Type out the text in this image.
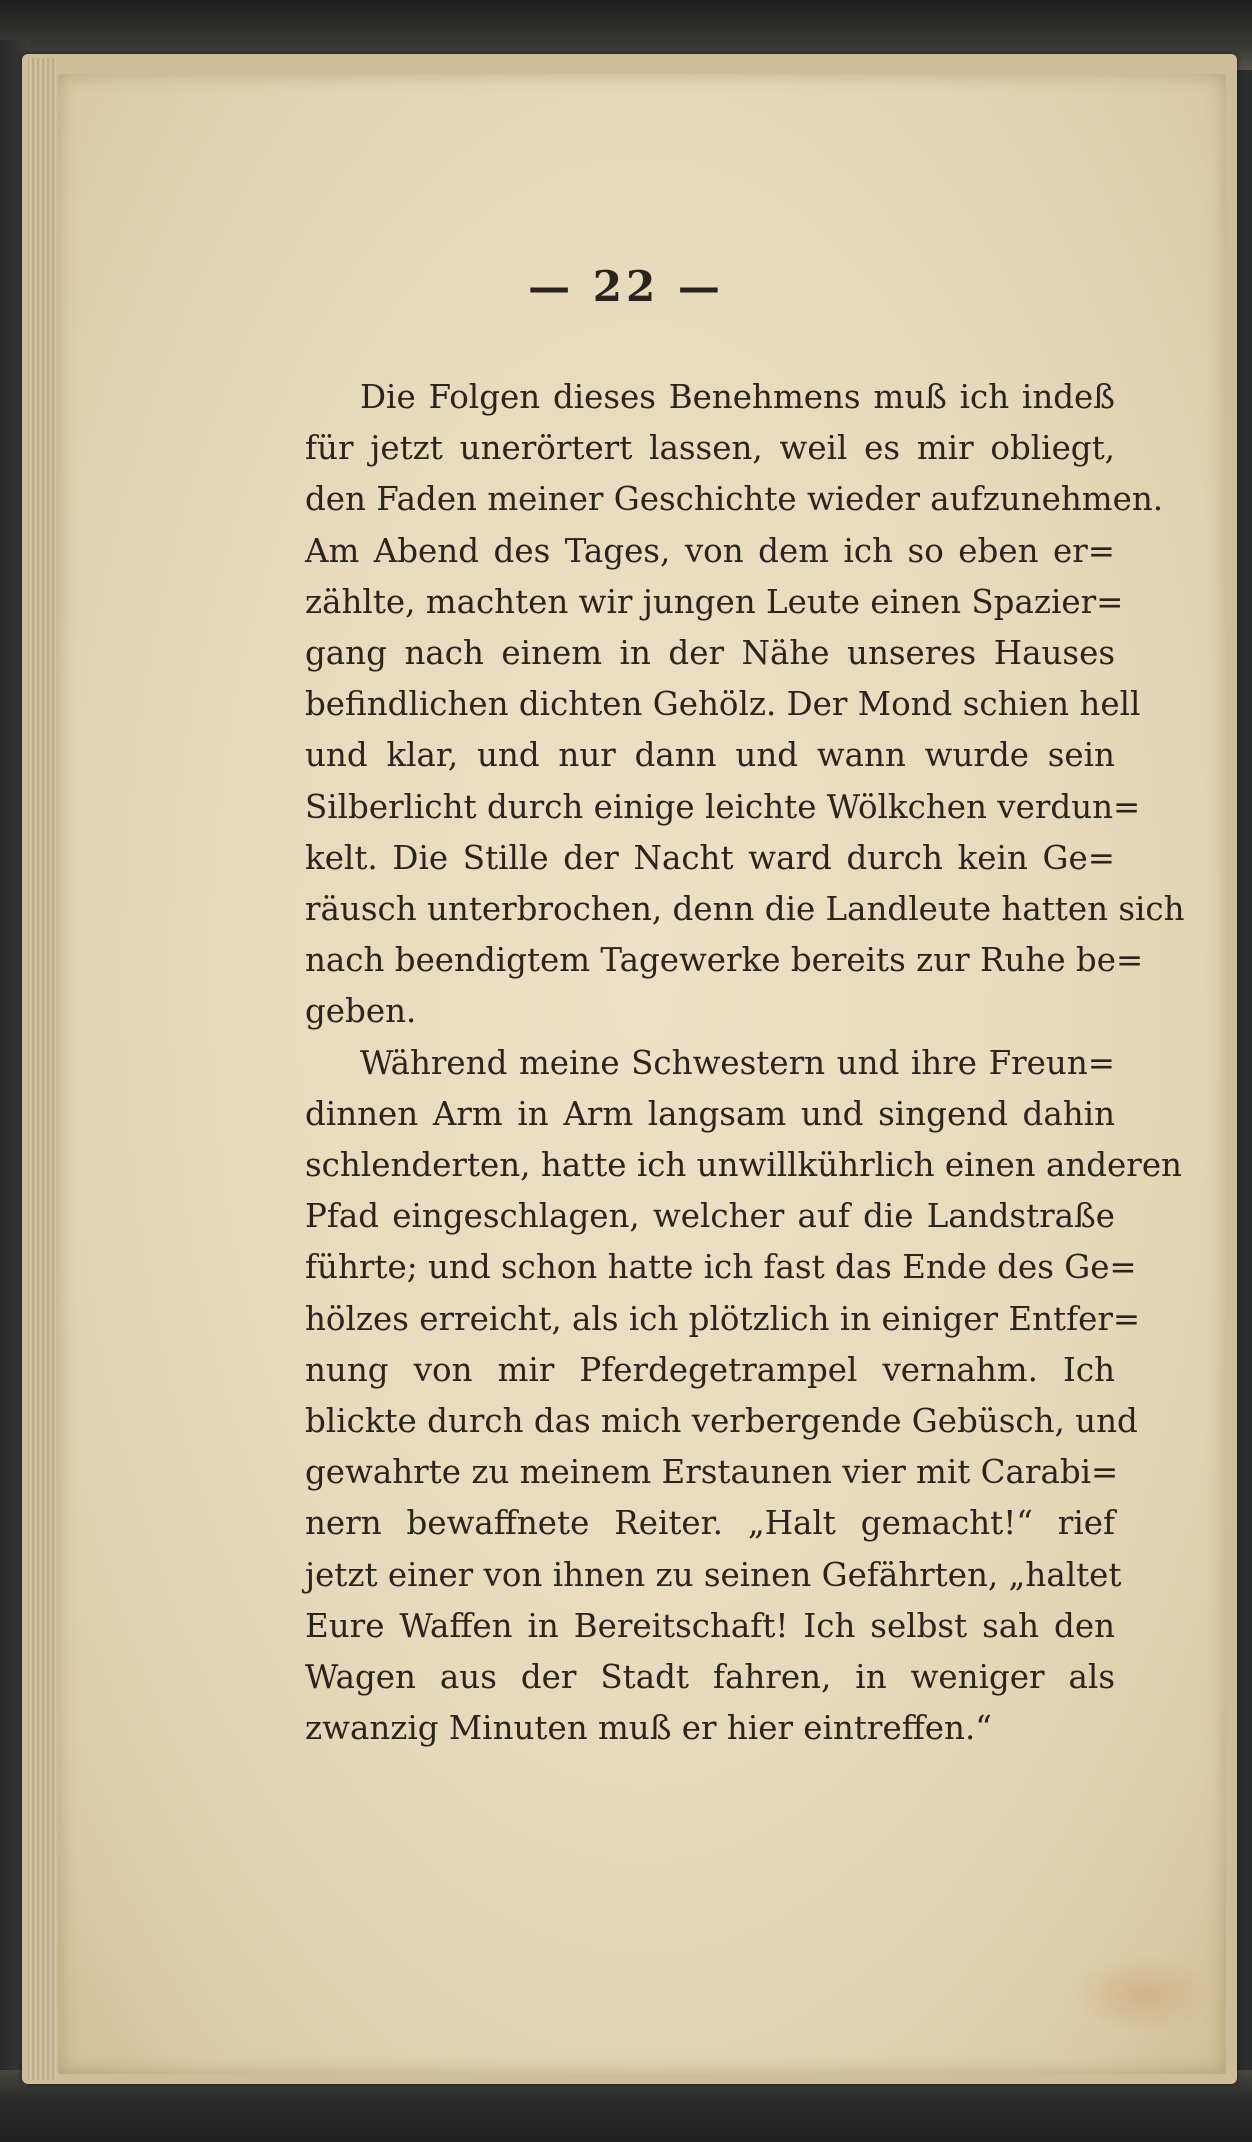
— 22 —
Die Folgen dieses Benehmens muß ich indeß
für jetzt unerörtert lassen, weil es mir obliegt,
den Faden meiner Geschichte wieder aufzunehmen.
Am Abend des Tages, von dem ich so eben er=
zählte, machten wir jungen Leute einen Spazier=
gang nach einem in der Nähe unseres Hauses
befindlichen dichten Gehölz. Der Mond schien hell
und klar, und nur dann und wann wurde sein
Silberlicht durch einige leichte Wölkchen verdun=
kelt. Die Stille der Nacht ward durch kein Ge=
räusch unterbrochen, denn die Landleute hatten sich
nach beendigtem Tagewerke bereits zur Ruhe be=
geben.
Während meine Schwestern und ihre Freun=
dinnen Arm in Arm langsam und singend dahin
schlenderten, hatte ich unwillkührlich einen anderen
Pfad eingeschlagen, welcher auf die Landstraße
führte; und schon hatte ich fast das Ende des Ge=
hölzes erreicht, als ich plötzlich in einiger Entfer=
nung von mir Pferdegetrampel vernahm. Ich
blickte durch das mich verbergende Gebüsch, und
gewahrte zu meinem Erstaunen vier mit Carabi=
nern bewaffnete Reiter. „Halt gemacht!“ rief
jetzt einer von ihnen zu seinen Gefährten, „haltet
Eure Waffen in Bereitschaft! Ich selbst sah den
Wagen aus der Stadt fahren, in weniger als
zwanzig Minuten muß er hier eintreffen.“
